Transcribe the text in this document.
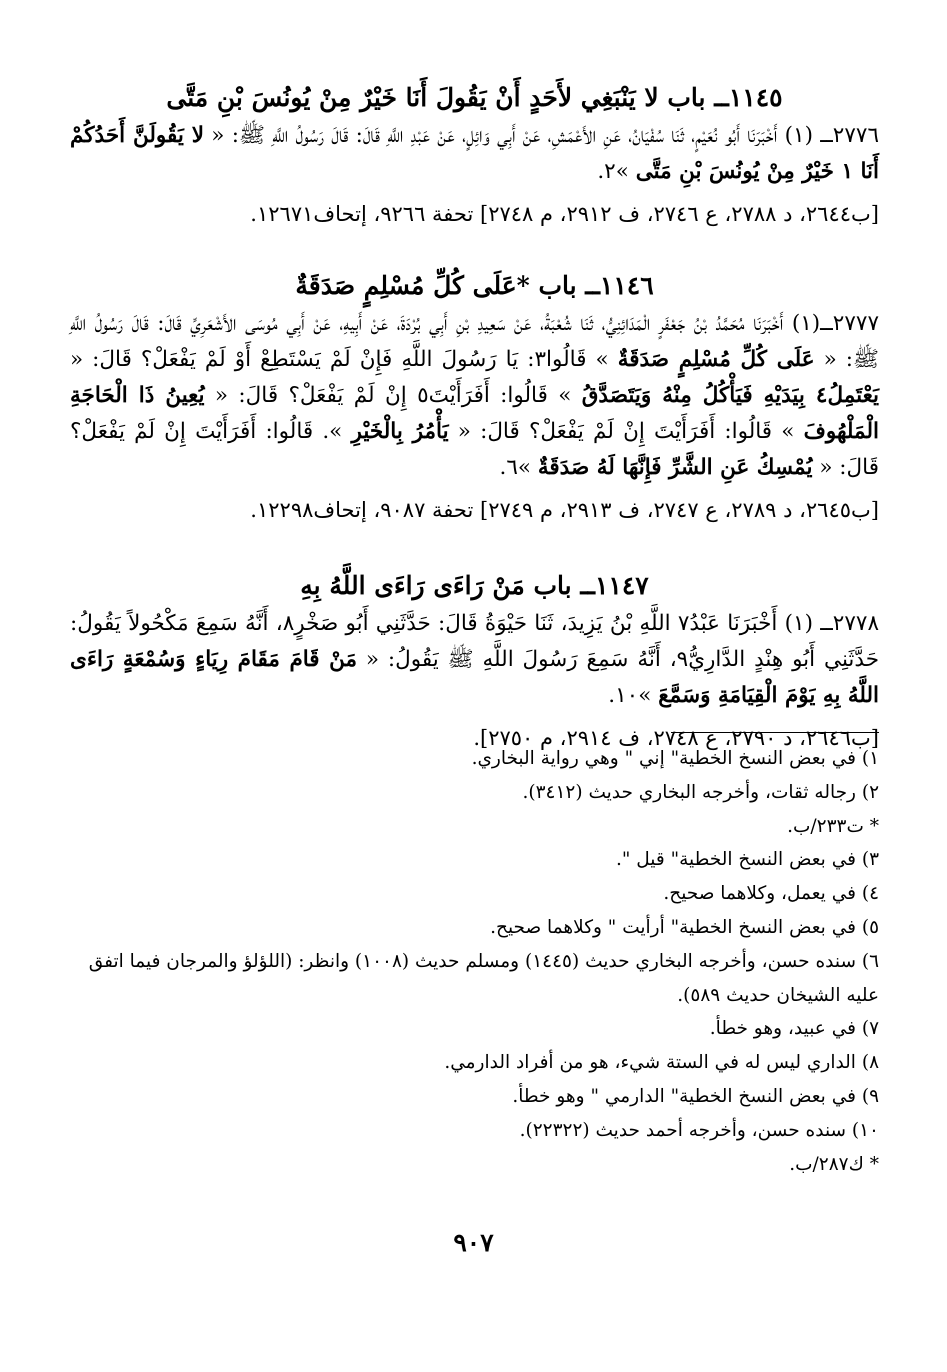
١١٤٥ــ باب لا يَنْبَغِي لأَحَدٍ أَنْ يَقُولَ أَنَا خَيْرٌ مِنْ يُونُسَ بْنِ مَتَّى

٢٧٧٦ــ (١) أَخْبَرَنَا أَبُو نُعَيْمٍ، ثَنَا سُفْيَانُ، عَنِ الأَعْمَشِ، عَنْ أَبِي وَائِلٍ، عَنْ عَبْدِ اللَّهِ قَالَ: قَالَ رَسُولُ اللَّهِ ﷺ: « لا يَقُولَنَّ أَحَدُكُمْ أَنَا ١ خَيْرٌ مِنْ يُونُسَ بْنِ مَتَّى »٢.

[ب٢٦٤٤، د ٢٧٨٨، ع ٢٧٤٦، ف ٢٩١٢، م ٢٧٤٨] تحفة ٩٢٦٦، إتحاف١٢٦٧١.

١١٤٦ــ باب *عَلَى كُلِّ مُسْلِمٍ صَدَقَةٌ

٢٧٧٧ــ(١) أَخْبَرَنَا مُحَمَّدُ بْنُ جَعْفَرٍ الْمَدَائِنِيُّ، ثَنَا شُعْبَةُ، عَنْ سَعِيدِ بْنِ أَبِي بُرْدَةَ، عَنْ أَبِيهِ، عَنْ أَبِي مُوسَى الأَشْعَرِيِّ قَالَ: قَالَ رَسُولُ اللَّهِ ﷺ: « عَلَى كُلِّ مُسْلِمٍ صَدَقَةٌ » قَالُوا٣: يَا رَسُولَ اللَّهِ فَإِنْ لَمْ يَسْتَطِعْ أَوْ لَمْ يَفْعَلْ؟ قَالَ: « يَعْتَمِلُ٤ بِيَدَيْهِ فَيَأْكُلُ مِنْهُ وَيَتَصَدَّقُ » قَالُوا: أَفَرَأَيْتَ٥ إِنْ لَمْ يَفْعَلْ؟ قَالَ: « يُعِينُ ذَا الْحَاجَةِ الْمَلْهُوفَ » قَالُوا: أَفَرَأَيْتَ إِنْ لَمْ يَفْعَلْ؟ قَالَ: « يَأْمُرُ بِالْخَيْرِ ». قَالُوا: أَفَرَأَيْتَ إِنْ لَمْ يَفْعَلْ؟ قَالَ: « يُمْسِكُ عَنِ الشَّرِّ فَإِنَّهَا لَهُ صَدَقَةٌ »٦.

[ب٢٦٤٥، د ٢٧٨٩، ع ٢٧٤٧، ف ٢٩١٣، م ٢٧٤٩] تحفة ٩٠٨٧، إتحاف١٢٢٩٨.

١١٤٧ــ باب مَنْ رَاءَى رَاءَى اللَّهُ بِهِ

٢٧٧٨ــ (١) أَخْبَرَنَا عَبْدُ٧ اللَّهِ بْنُ يَزِيدَ، ثَنَا حَيْوَةُ قَالَ: حَدَّثَنِي أَبُو صَخْرٍ٨، أَنَّهُ سَمِعَ مَكْحُولاً يَقُولُ: حَدَّثَنِي أَبُو هِنْدٍ الدَّارِيُّ٩، أَنَّهُ سَمِعَ رَسُولَ اللَّهِ ﷺ يَقُولُ: « مَنْ قَامَ مَقَامَ رِيَاءٍ وَسُمْعَةٍ رَاءَى اللَّهُ بِهِ يَوْمَ الْقِيَامَةِ وَسَمَّعَ »١٠.

[ب٢٦٤٦، د ٢٧٩٠، ع ٢٧٤٨، ف ٢٩١٤، م ٢٧٥٠].

١) في بعض النسخ الخطية" إني " وهي رواية البخاري.
٢) رجاله ثقات، وأخرجه البخاري حديث (٣٤١٢).
* ت٢٣٣/ب.
٣) في بعض النسخ الخطية" قيل ".
٤) في يعمل، وكلاهما صحيح.
٥) في بعض النسخ الخطية" أرأيت " وكلاهما صحيح.
٦) سنده حسن، وأخرجه البخاري حديث (١٤٤٥) ومسلم حديث (١٠٠٨) وانظر: (اللؤلؤ والمرجان فيما اتفق عليه الشيخان حديث ٥٨٩).
٧) في عبيد، وهو خطأ.
٨) الداري ليس له في الستة شيء، هو من أفراد الدارمي.
٩) في بعض النسخ الخطية" الدارمي " وهو خطأ.
١٠) سنده حسن، وأخرجه أحمد حديث (٢٢٣٢٢).
* ك٢٨٧/ب.
٩٠٧
